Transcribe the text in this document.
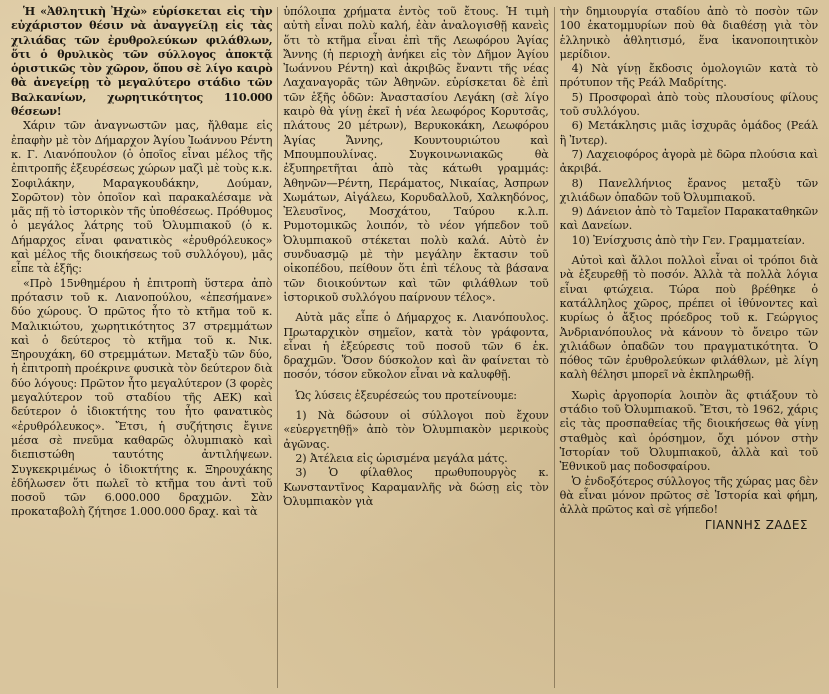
Ἡ «Ἀθλητικὴ Ἠχὼ» εὑρίσκεται εἰς τὴν εὐχάριστον θέσιν νὰ ἀναγγείλῃ εἰς τὰς χιλιάδας τῶν ἐρυθρολεύκων φιλάθλων, ὅτι ὁ θρυλικὸς τῶν σύλλογος ἀποκτᾷ ὁριστικῶς τὸν χῶρον, ὅπου σὲ λίγο καιρὸ θὰ ἀνεγείρῃ τὸ μεγαλύτερο στάδιο τῶν Βαλκανίων, χωρητικότητος 110.000 θέσεων!

Χάριν τῶν ἀναγνωστῶν μας, ἤλθαμε εἰς ἐπαφὴν μὲ τὸν Δήμαρχον Ἁγίου Ἰωάννου Ρέντη κ. Γ. Λιανόπουλον (ὁ ὁποῖος εἶναι μέλος τῆς ἐπιτροπῆς ἐξευρέσεως χώρων μαζὶ μὲ τοὺς κ.κ. Σοφιλάκην, Μαραγκουδάκην, Δούμαν, Σορῶτον) τὸν ὁποῖον καὶ παρακαλέσαμε νὰ μᾶς πῇ τὸ ἱστορικὸν τῆς ὑποθέσεως. Πρόθυμος ὁ μεγάλος λάτρης τοῦ Ὀλυμπιακοῦ (ὁ κ. Δήμαρχος εἶναι φανατικὸς «ἐρυθρόλευκος» καὶ μέλος τῆς διοικήσεως τοῦ συλλόγου), μᾶς εἶπε τὰ ἑξῆς:

«Πρὸ 15νθημέρου ἡ ἐπιτροπὴ ὕστερα ἀπὸ πρότασιν τοῦ κ. Λιανοπούλου, «ἐπεσήμανε» δύο χώρους. Ὁ πρῶτος ἦτο τὸ κτῆμα τοῦ κ. Μαλικιώτου, χωρητικότητος 37 στρεμμάτων καὶ ὁ δεύτερος τὸ κτῆμα τοῦ κ. Νικ. Ξηρουχάκη, 60 στρεμμάτων. Μεταξὺ τῶν δύο, ἡ ἐπιτροπὴ προέκρινε φυσικὰ τὸν δεύτερον διὰ δύο λόγους: Πρῶτον ἦτο μεγαλύτερον (3 φορὲς μεγαλύτερον τοῦ σταδίου τῆς ΑΕΚ) καὶ δεύτερον ὁ ἰδιοκτήτης του ἦτο φανατικὸς «ἐρυθρόλευκος». Ἔτσι, ἡ συζήτησις ἔγινε μέσα σὲ πνεῦμα καθαρῶς ὀλυμπιακὸ καὶ διεπιστώθη ταυτότης ἀντιλήψεων. Συγκεκριμένως ὁ ἰδιοκτήτης κ. Ξηρουχάκης ἐδήλωσεν ὅτι πωλεῖ τὸ κτῆμα του ἀντὶ τοῦ ποσοῦ τῶν 6.000.000 δραχμῶν. Σὰν προκαταβολὴ ζήτησε 1.000.000 δραχ. καὶ τὰ

ὑπόλοιπα χρήματα ἐντὸς τοῦ ἔτους. Ἡ τιμὴ αὐτὴ εἶναι πολὺ καλή, ἐὰν ἀναλογισθῇ κανεὶς ὅτι τὸ κτῆμα εἶναι ἐπὶ τῆς Λεωφόρου Ἁγίας Ἄννης (ἡ περιοχὴ ἀνήκει εἰς τὸν Δῆμον Ἁγίου Ἰωάννου Ρέντη) καὶ ἀκριβῶς ἔναντι τῆς νέας Λαχαναγορᾶς τῶν Ἀθηνῶν. εὑρίσκεται δὲ ἐπὶ τῶν ἑξῆς ὁδῶν: Ἀναστασίου Λεγάκη (σὲ λίγο καιρὸ θὰ γίνῃ ἐκεῖ ἡ νέα λεωφόρος Κορυτσᾶς, πλάτους 20 μέτρων), Βερυκοκάκη, Λεωφόρου Ἁγίας Ἄννης, Κουντουριώτου καὶ Μπουμπουλίνας. Συγκοινωνιακῶς θὰ ἐξυπηρετῆται ἀπὸ τὰς κάτωθι γραμμάς: Ἀθηνῶν—Ρέντη, Περάματος, Νικαίας, Ἀσπρων Χωμάτων, Αἰγάλεω, Κορυδαλλοῦ, Χαλκηδόνος, Ἐλευσῖνος, Μοσχάτου, Ταύρου κ.λ.π. Ρυμοτομικῶς λοιπόν, τὸ νέον γήπεδον τοῦ Ὀλυμπιακοῦ στέκεται πολὺ καλά. Αὐτὸ ἐν συνδυασμῷ μὲ τὴν μεγάλην ἔκτασιν τοῦ οἰκοπέδου, πείθουν ὅτι ἐπὶ τέλους τὰ βάσανα τῶν διοικούντων καὶ τῶν φιλάθλων τοῦ ἱστορικοῦ συλλόγου παίρνουν τέλος».

Αὐτὰ μᾶς εἶπε ὁ Δήμαρχος κ. Λιανόπουλος. Πρωταρχικὸν σημεῖον, κατὰ τὸν γράφοντα, εἶναι ἡ ἐξεύρεσις τοῦ ποσοῦ τῶν 6 ἑκ. δραχμῶν. Ὅσον δύσκολον καὶ ἂν φαίνεται τὸ ποσόν, τόσον εὔκολον εἶναι νὰ καλυφθῇ.

Ὡς λύσεις ἐξευρέσεώς του προτείνουμε:

1) Νὰ δώσουν οἱ σύλλογοι ποὺ ἔχουν «εὐεργετηθῇ» ἀπὸ τὸν Ὀλυμπιακὸν μερικοὺς ἀγῶνας.

2) Ἀτέλεια εἰς ὡρισμένα μεγάλα μάτς.

3) Ὁ φίλαθλος πρωθυπουργὸς κ. Κωνσταντῖνος Καραμανλῆς νὰ δώσῃ εἰς τὸν Ὀλυμπιακὸν γιὰ

τὴν δημιουργία σταδίου ἀπὸ τὸ ποσὸν τῶν 100 ἑκατομμυρίων ποὺ θὰ διαθέσῃ γιὰ τὸν ἑλληνικὸ ἀθλητισμό, ἕνα ἱκανοποιητικὸν μερίδιον.

4) Νὰ γίνῃ ἔκδοσις ὁμολογιῶν κατὰ τὸ πρότυπον τῆς Ρεάλ Μαδρίτης.

5) Προσφοραὶ ἀπὸ τοὺς πλουσίους φίλους τοῦ συλλόγου.

6) Μετάκλησις μιᾶς ἰσχυρᾶς ὁμάδος (Ρεάλ ἢ Ἰντερ).

7) Λαχειοφόρος ἀγορὰ μὲ δῶρα πλούσια καὶ ἀκριβά.

8) Πανελλήνιος ἔρανος μεταξὺ τῶν χιλιάδων ὀπαδῶν τοῦ Ὀλυμπιακοῦ.

9) Δάνειον ἀπὸ τὸ Ταμεῖον Παρακαταθηκῶν καὶ Δανείων.

10) Ἐνίσχυσις ἀπὸ τὴν Γεν. Γραμματείαν.

Αὐτοὶ καὶ ἄλλοι πολλοὶ εἶναι οἱ τρόποι διὰ νὰ ἐξευρεθῇ τὸ ποσόν. Ἀλλὰ τὰ πολλὰ λόγια εἶναι φτώχεια. Τώρα ποὺ βρέθηκε ὁ κατάλληλος χῶρος, πρέπει οἱ ἰθύνοντες καὶ κυρίως ὁ ἄξιος πρόεδρος τοῦ κ. Γεώργιος Ἀνδριανόπουλος νὰ κάνουν τὸ ὄνειρο τῶν χιλιάδων ὀπαδῶν του πραγματικότητα. Ὁ πόθος τῶν ἐρυθρολεύκων φιλάθλων, μὲ λίγη καλὴ θέλησι μπορεῖ νὰ ἐκπληρωθῇ.

Χωρὶς ἀργοπορία λοιπὸν ἂς φτιάξουν τὸ στάδιο τοῦ Ὀλυμπιακοῦ. Ἔτσι, τὸ 1962, χάρις εἰς τὰς προσπαθείας τῆς διοικήσεως θὰ γίνῃ σταθμὸς καὶ ὁρόσημον, ὄχι μόνον στὴν Ἱστορίαν τοῦ Ὀλυμπιακοῦ, ἀλλὰ καὶ τοῦ Ἐθνικοῦ μας ποδοσφαίρου.

Ὁ ἐνδοξότερος σύλλογος τῆς χώρας μας δὲν θὰ εἶναι μόνον πρῶτος σὲ Ἱστορία καὶ φήμη, ἀλλὰ πρῶτος καὶ σὲ γήπεδο!

ΓΙΑΝΝΗΣ ΖΑΔΕΣ
